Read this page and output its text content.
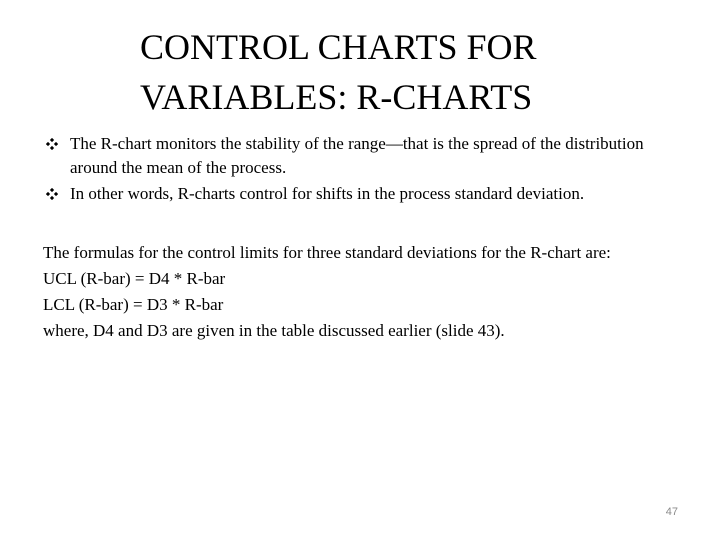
CONTROL CHARTS FOR
VARIABLES: R-CHARTS
The R-chart monitors the stability of the range—that is the spread of the distribution around the mean of the process.
In other words, R-charts control for shifts in the process standard deviation.

The formulas for the control limits for three standard deviations for the R-chart are:

UCL (R-bar) = D4 * R-bar

LCL (R-bar) = D3 * R-bar

where, D4 and D3 are given in the table discussed earlier (slide 43).

47
